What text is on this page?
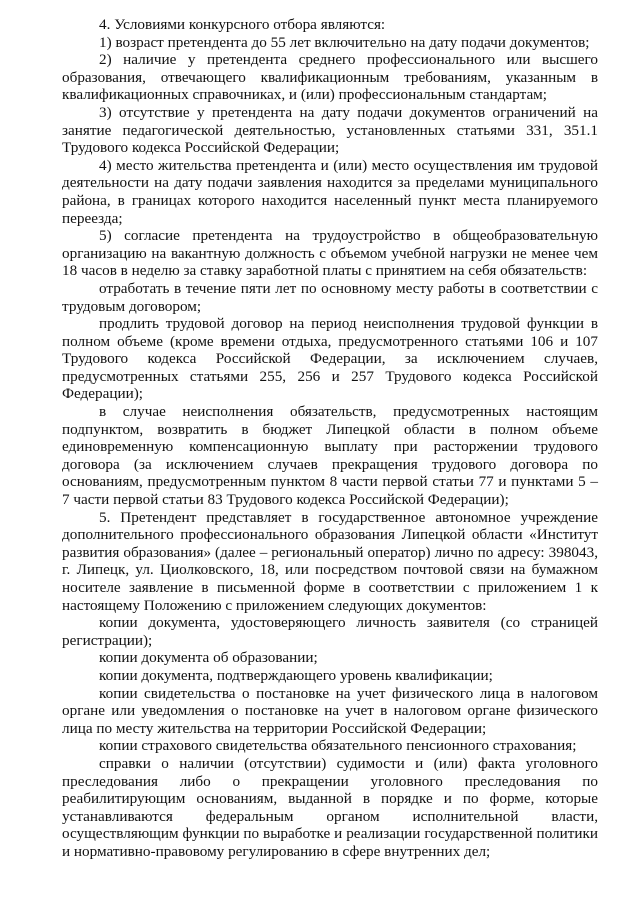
4. Условиями конкурсного отбора являются:

1) возраст претендента до 55 лет включительно на дату подачи документов;

2) наличие у претендента среднего профессионального или высшего образования, отвечающего квалификационным требованиям, указанным в квалификационных справочниках, и (или) профессиональным стандартам;

3) отсутствие у претендента на дату подачи документов ограничений на занятие педагогической деятельностью, установленных статьями 331, 351.1 Трудового кодекса Российской Федерации;

4) место жительства претендента и (или) место осуществления им трудовой деятельности на дату подачи заявления находится за пределами муниципального района, в границах которого находится населенный пункт места планируемого переезда;

5) согласие претендента на трудоустройство в общеобразовательную организацию на вакантную должность с объемом учебной нагрузки не менее чем 18 часов в неделю за ставку заработной платы с принятием на себя обязательств:

отработать в течение пяти лет по основному месту работы в соответствии с трудовым договором;

продлить трудовой договор на период неисполнения трудовой функции в полном объеме (кроме времени отдыха, предусмотренного статьями 106 и 107 Трудового кодекса Российской Федерации, за исключением случаев, предусмотренных статьями 255, 256 и 257 Трудового кодекса Российской Федерации);

в случае неисполнения обязательств, предусмотренных настоящим подпунктом, возвратить в бюджет Липецкой области в полном объеме единовременную компенсационную выплату при расторжении трудового договора (за исключением случаев прекращения трудового договора по основаниям, предусмотренным пунктом 8 части первой статьи 77 и пунктами 5 – 7 части первой статьи 83 Трудового кодекса Российской Федерации);

5. Претендент представляет в государственное автономное учреждение дополнительного профессионального образования Липецкой области «Институт развития образования» (далее – региональный оператор) лично по адресу: 398043, г. Липецк, ул. Циолковского, 18, или посредством почтовой связи на бумажном носителе заявление в письменной форме в соответствии с приложением 1 к настоящему Положению с приложением следующих документов:

копии документа, удостоверяющего личность заявителя (со страницей регистрации);

копии документа об образовании;

копии документа, подтверждающего уровень квалификации;

копии свидетельства о постановке на учет физического лица в налоговом органе или уведомления о постановке на учет в налоговом органе физического лица по месту жительства на территории Российской Федерации;

копии страхового свидетельства обязательного пенсионного страхования;

справки о наличии (отсутствии) судимости и (или) факта уголовного преследования либо о прекращении уголовного преследования по реабилитирующим основаниям, выданной в порядке и по форме, которые устанавливаются федеральным органом исполнительной власти, осуществляющим функции по выработке и реализации государственной политики и нормативно-правовому регулированию в сфере внутренних дел;
